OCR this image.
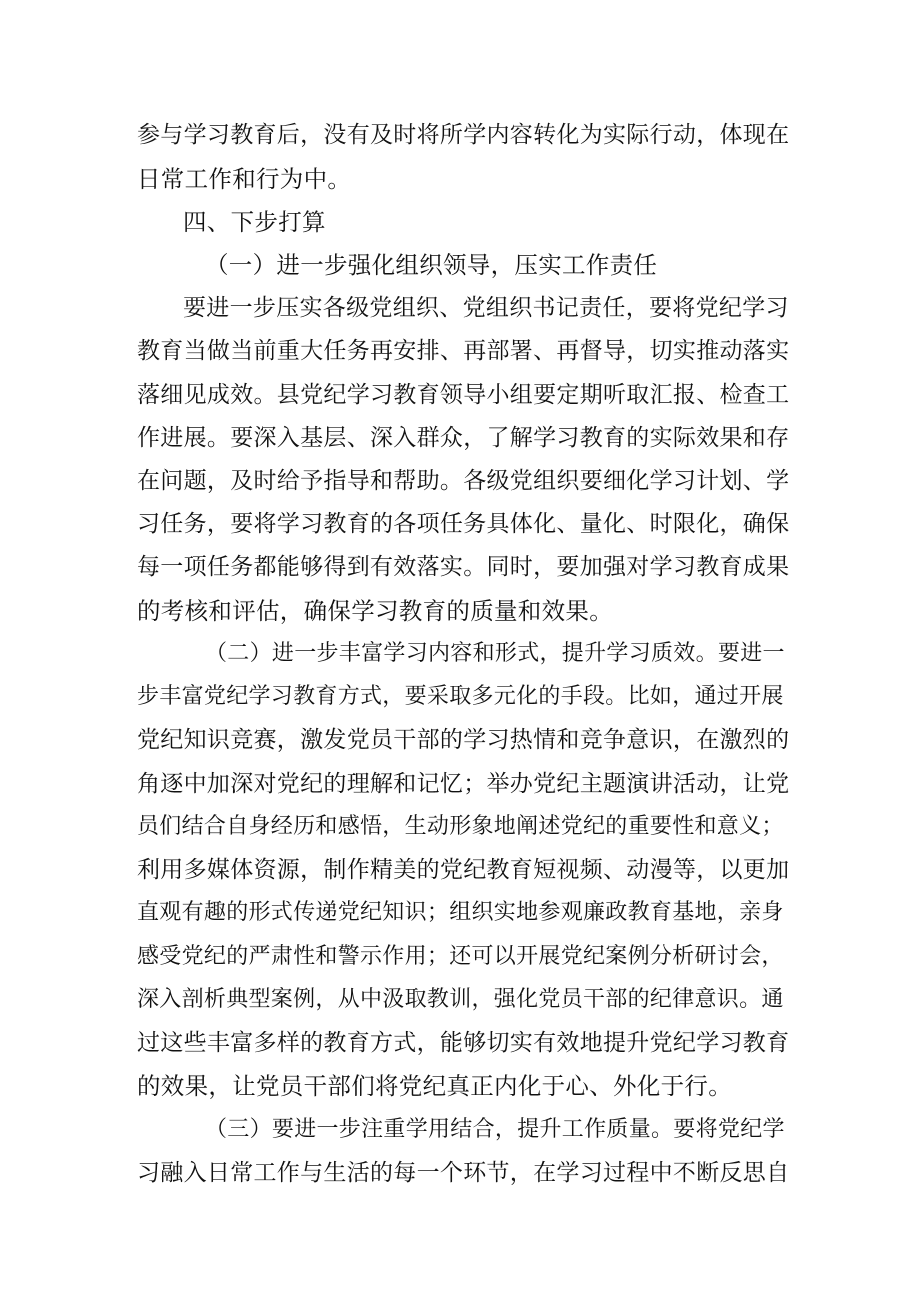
参与学习教育后，没有及时将所学内容转化为实际行动，体现在
日常工作和行为中。
四、下步打算
（一）进一步强化组织领导，压实工作责任
要进一步压实各级党组织、党组织书记责任，要将党纪学习
教育当做当前重大任务再安排、再部署、再督导，切实推动落实
落细见成效。县党纪学习教育领导小组要定期听取汇报、检查工
作进展。要深入基层、深入群众，了解学习教育的实际效果和存
在问题，及时给予指导和帮助。各级党组织要细化学习计划、学
习任务，要将学习教育的各项任务具体化、量化、时限化，确保
每一项任务都能够得到有效落实。同时，要加强对学习教育成果
的考核和评估，确保学习教育的质量和效果。
（二）进一步丰富学习内容和形式，提升学习质效。要进一
步丰富党纪学习教育方式，要采取多元化的手段。比如，通过开展
党纪知识竞赛，激发党员干部的学习热情和竞争意识，在激烈的
角逐中加深对党纪的理解和记忆；举办党纪主题演讲活动，让党
员们结合自身经历和感悟，生动形象地阐述党纪的重要性和意义；
利用多媒体资源，制作精美的党纪教育短视频、动漫等，以更加
直观有趣的形式传递党纪知识；组织实地参观廉政教育基地，亲身
感受党纪的严肃性和警示作用；还可以开展党纪案例分析研讨会，
深入剖析典型案例，从中汲取教训，强化党员干部的纪律意识。通
过这些丰富多样的教育方式，能够切实有效地提升党纪学习教育
的效果，让党员干部们将党纪真正内化于心、外化于行。
（三）要进一步注重学用结合，提升工作质量。要将党纪学
习融入日常工作与生活的每一个环节，在学习过程中不断反思自
